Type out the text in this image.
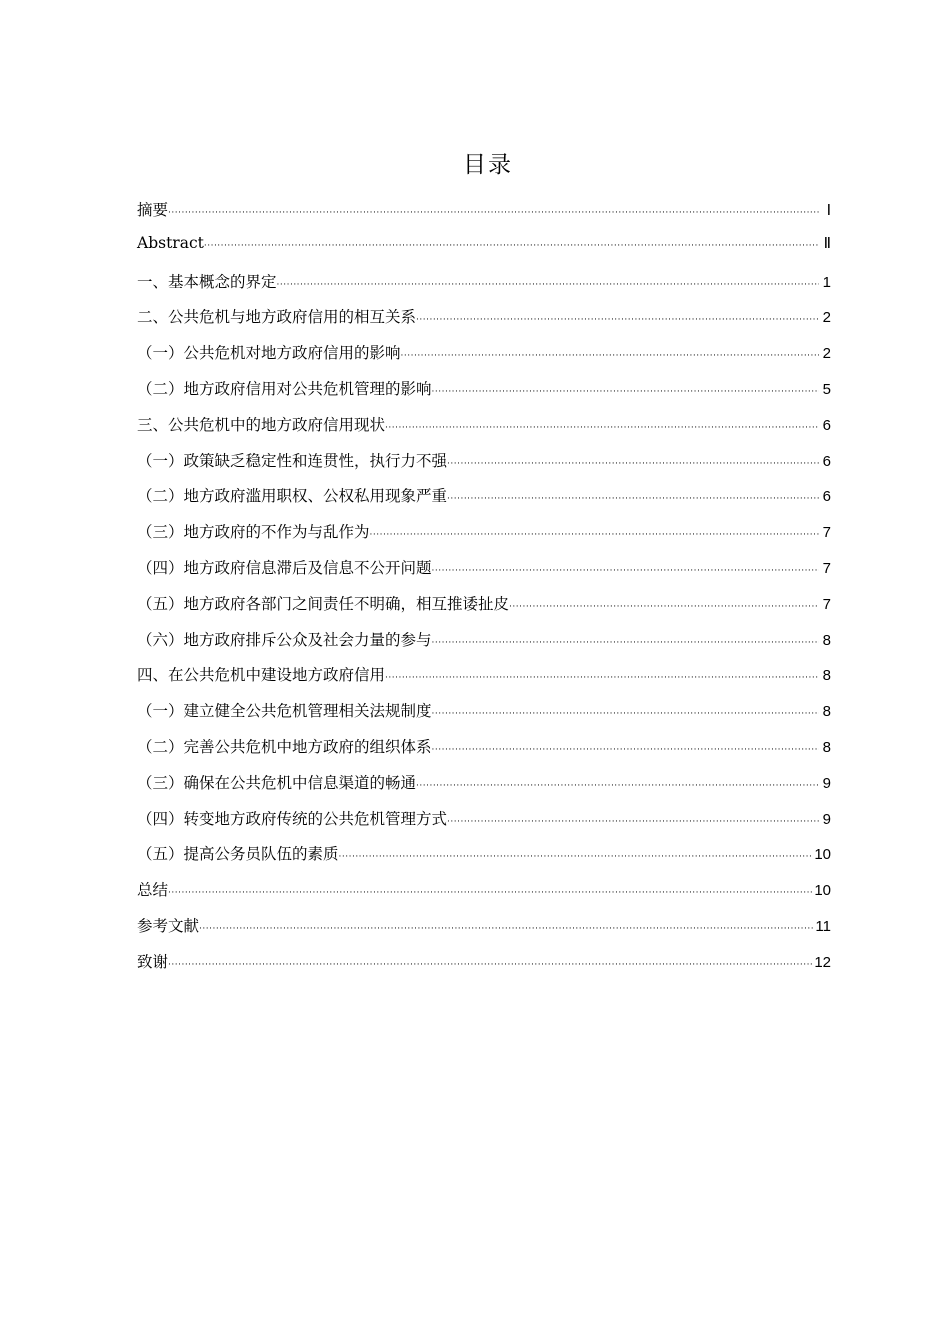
目录
摘要 ·····	Ⅰ
Abstract ·····	Ⅱ
一、基本概念的界定 ·····	1
二、公共危机与地方政府信用的相互关系 ·····	2
（一）公共危机对地方政府信用的影响 ·····	2
（二）地方政府信用对公共危机管理的影响 ·····	5
三、公共危机中的地方政府信用现状 ·····	6
（一）政策缺乏稳定性和连贯性，执行力不强 ·····	6
（二）地方政府滥用职权、公权私用现象严重 ·····	6
（三）地方政府的不作为与乱作为 ·····	7
（四）地方政府信息滞后及信息不公开问题 ·····	7
（五）地方政府各部门之间责任不明确，相互推诿扯皮 ·····	7
（六）地方政府排斥公众及社会力量的参与 ·····	8
四、在公共危机中建设地方政府信用 ·····	8
（一）建立健全公共危机管理相关法规制度 ·····	8
（二）完善公共危机中地方政府的组织体系 ·····	8
（三）确保在公共危机中信息渠道的畅通 ·····	9
（四）转变地方政府传统的公共危机管理方式 ·····	9
（五）提高公务员队伍的素质 ·····	10
总结 ·····	10
参考文献 ·····	11
致谢 ·····	12
